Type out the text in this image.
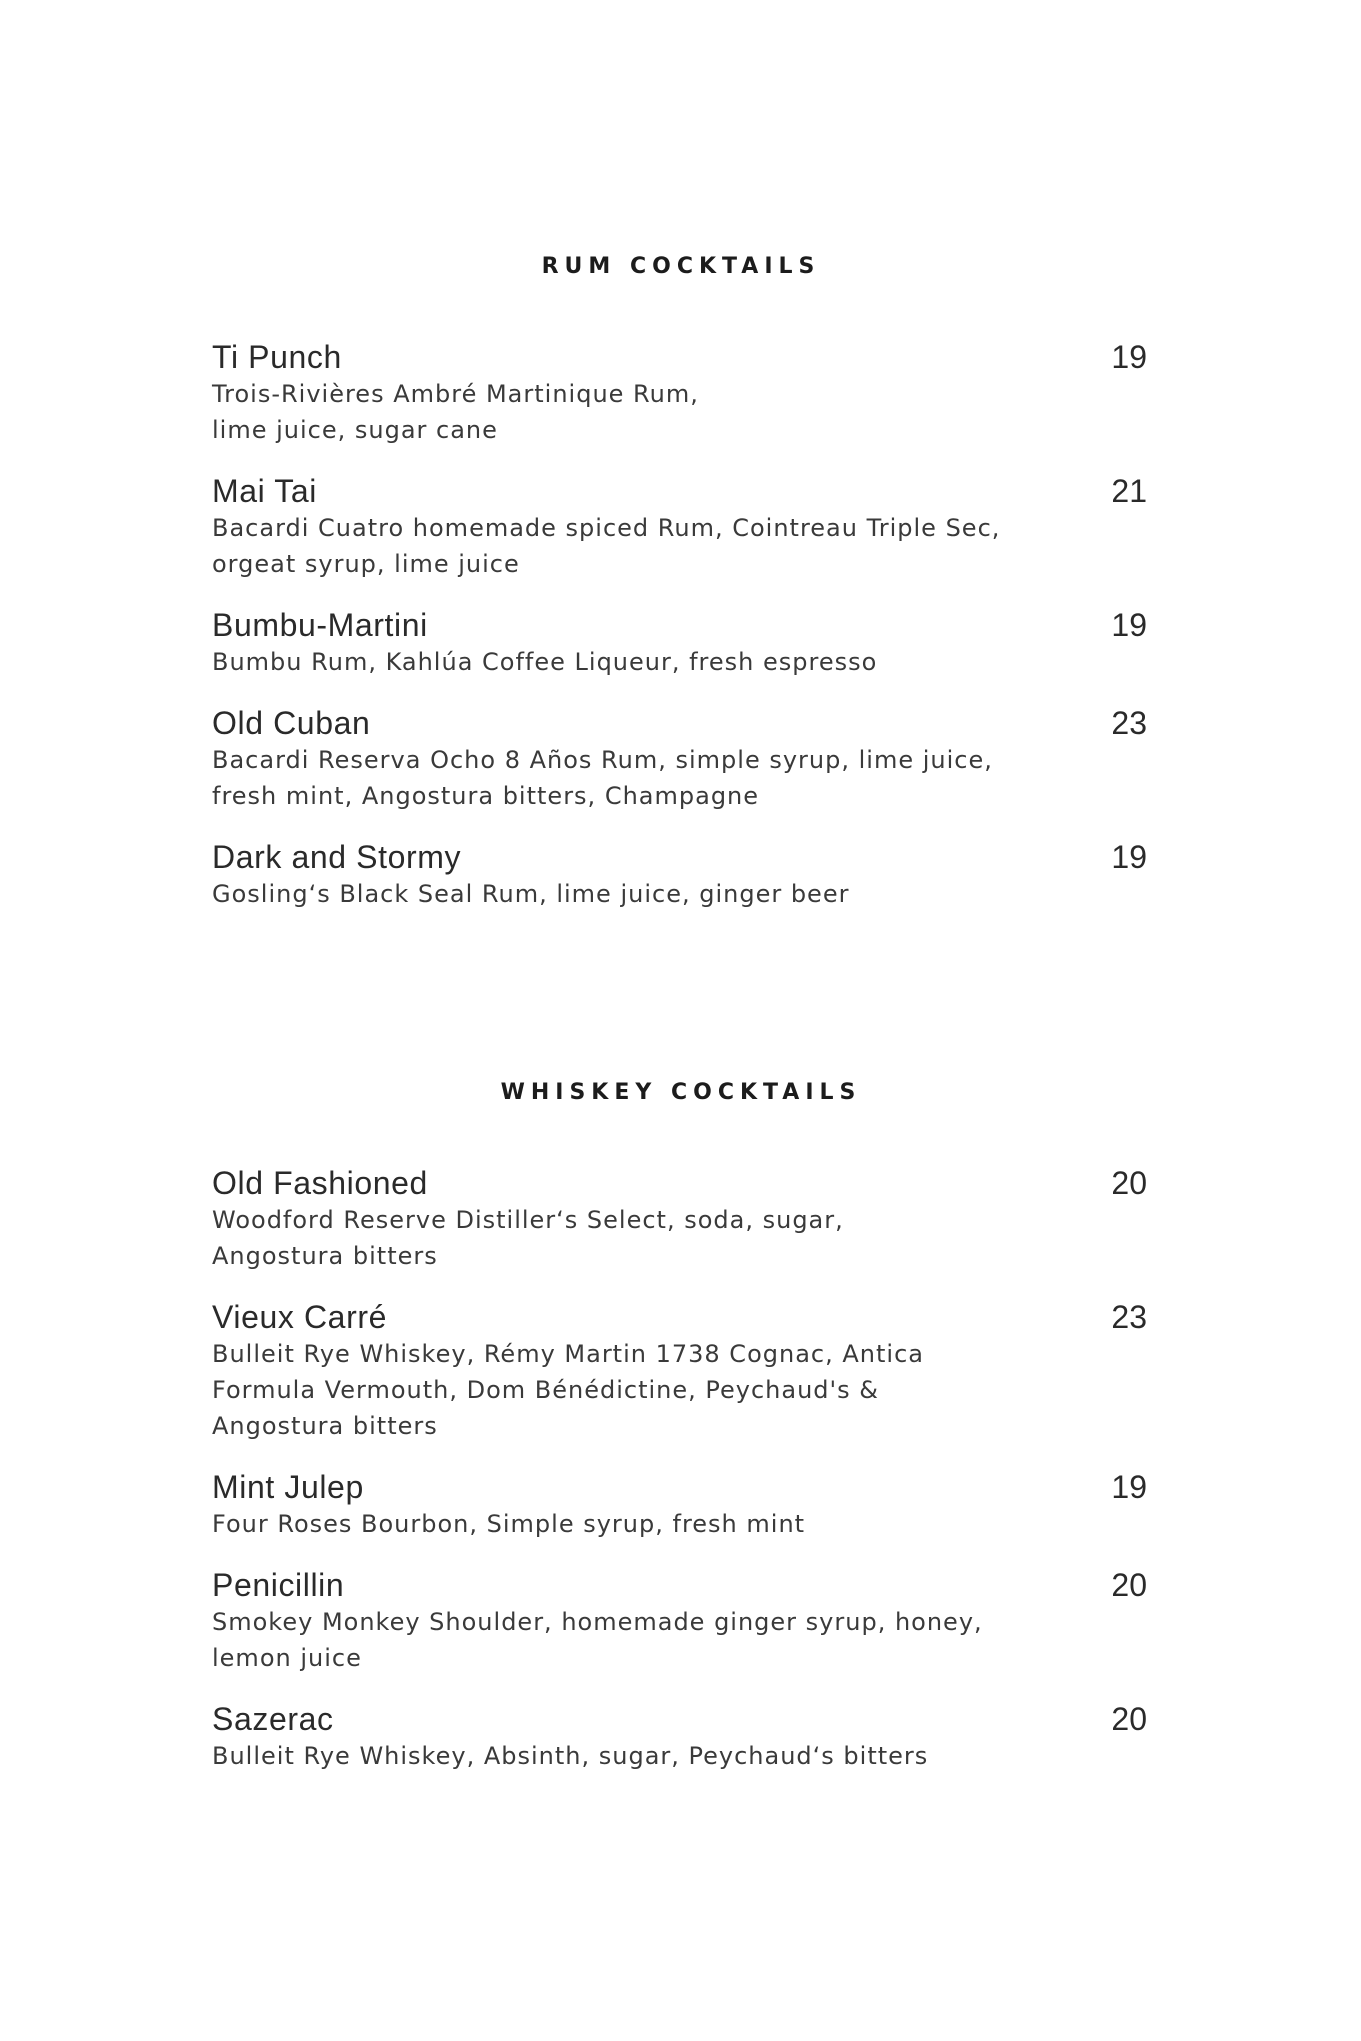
RUM COCKTAILS
Ti Punch	19

Trois-Rivières Ambré Martinique Rum,
lime juice, sugar cane

Mai Tai	21

Bacardi Cuatro homemade spiced Rum, Cointreau Triple Sec,
orgeat syrup, lime juice

Bumbu-Martini	19

Bumbu Rum, Kahlúa Coffee Liqueur, fresh espresso

Old Cuban	23

Bacardi Reserva Ocho 8 Años Rum, simple syrup, lime juice,
fresh mint, Angostura bitters, Champagne

Dark and Stormy	19

Gosling‘s Black Seal Rum, lime juice, ginger beer

WHISKEY COCKTAILS
Old Fashioned	20

Woodford Reserve Distiller‘s Select, soda, sugar,
Angostura bitters

Vieux Carré	23

Bulleit Rye Whiskey, Rémy Martin 1738 Cognac, Antica
Formula Vermouth, Dom Bénédictine, Peychaud's &
Angostura bitters

Mint Julep	19

Four Roses Bourbon, Simple syrup, fresh mint

Penicillin	20

Smokey Monkey Shoulder, homemade ginger syrup, honey,
lemon juice

Sazerac	20

Bulleit Rye Whiskey, Absinth, sugar, Peychaud‘s bitters
